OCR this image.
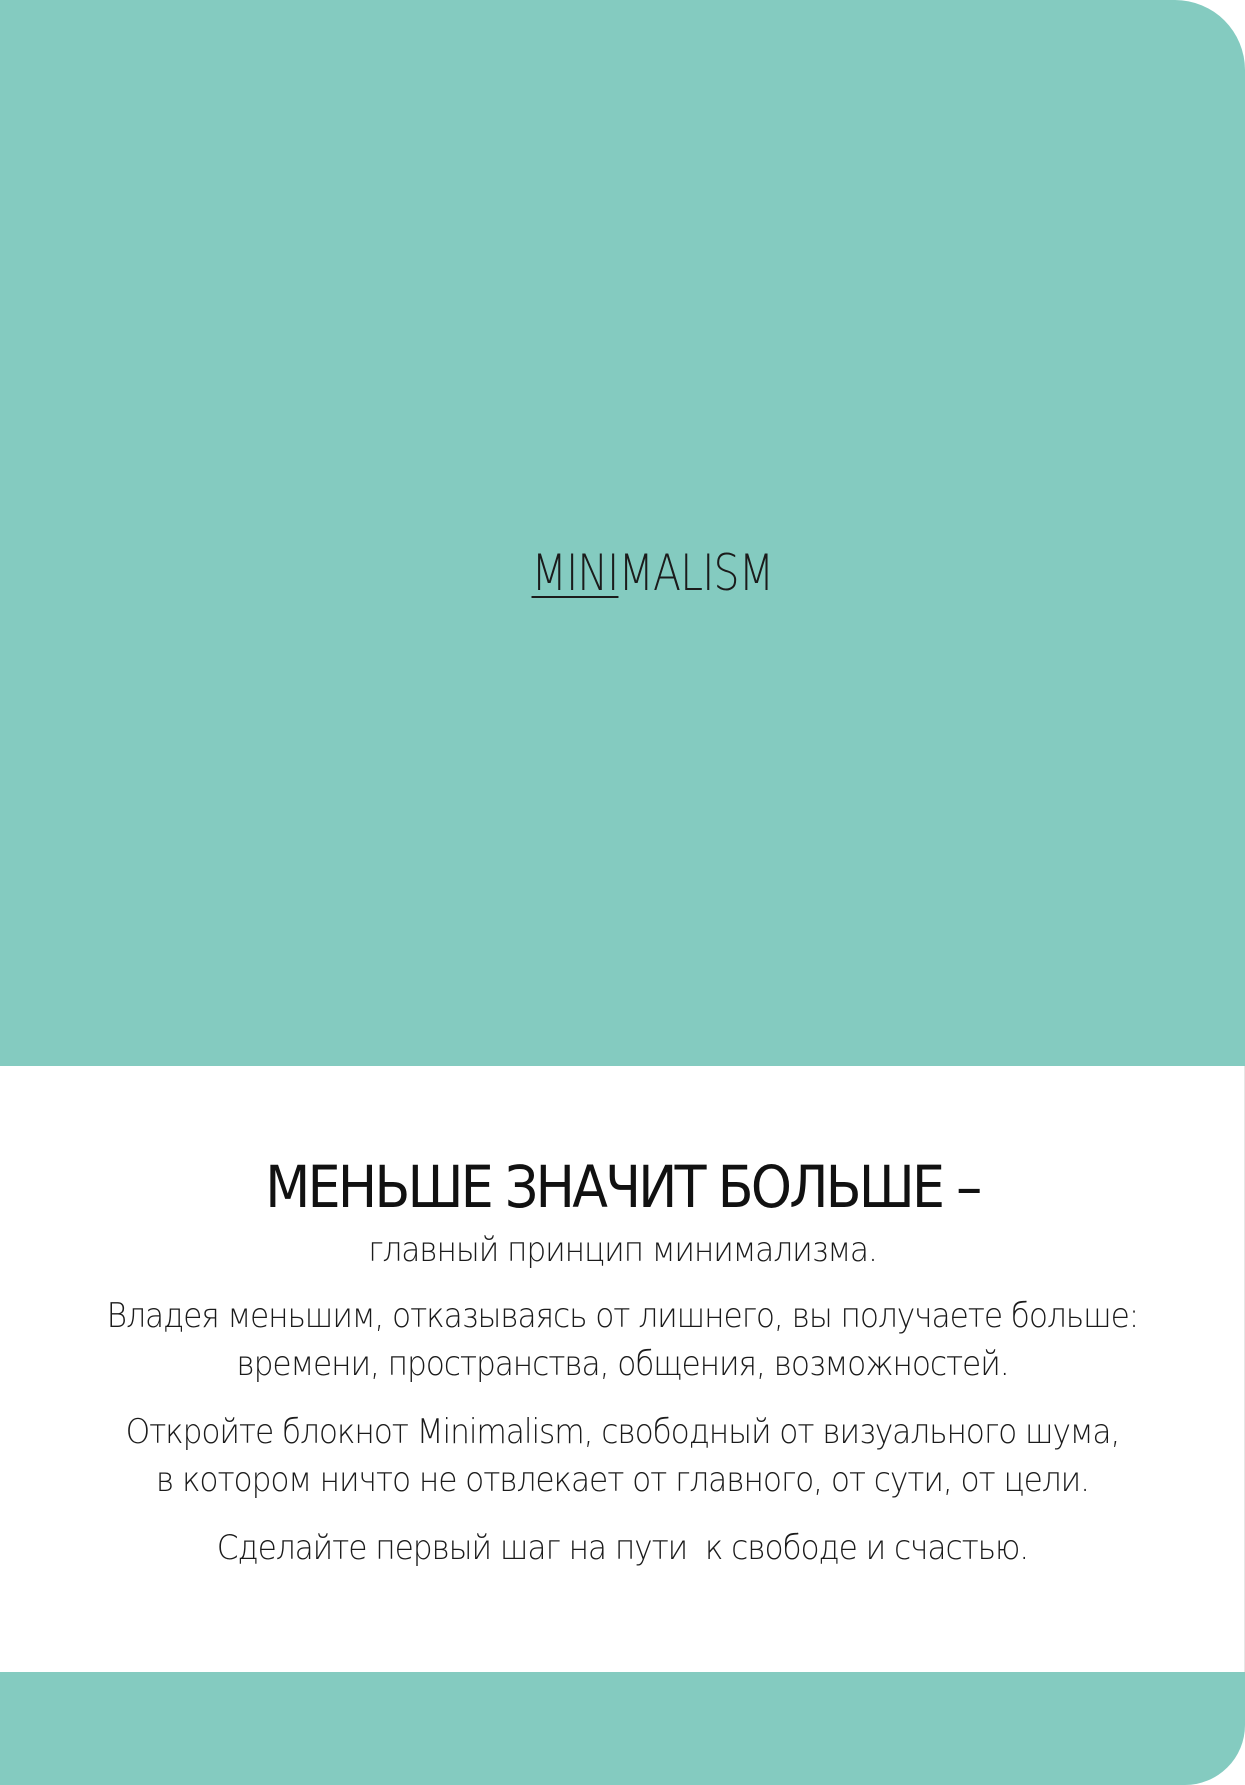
MINIMALISM
МЕНЬШЕ ЗНАЧИТ БОЛЬШЕ –

главный принцип минимализма.

Владея меньшим, отказываясь от лишнего, вы получаете больше:
времени, пространства, общения, возможностей.

Откройте блокнот Minimalism, свободный от визуального шума,
в котором ничто не отвлекает от главного, от сути, от цели.

Сделайте первый шаг на пути  к свободе и счастью.
